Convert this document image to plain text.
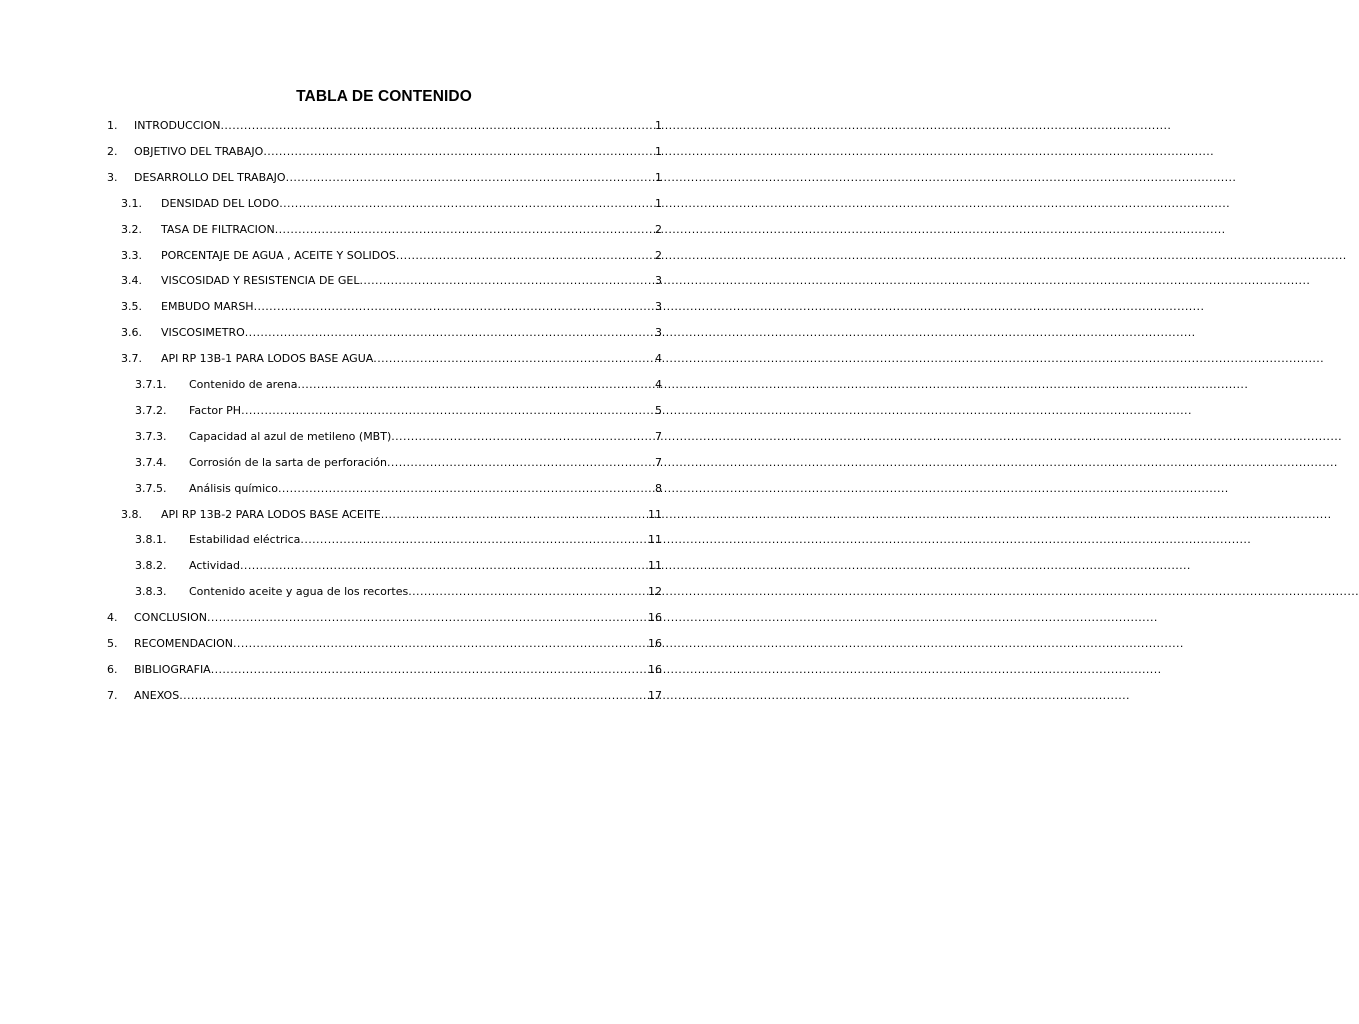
TABLA DE CONTENIDO
1.	INTRODUCCION .....	1
2.	OBJETIVO DEL TRABAJO .....	1
3.	DESARROLLO DEL TRABAJO .....	1
3.1.	DENSIDAD DEL LODO .....	1
3.2.	TASA DE FILTRACION .....	2
3.3.	PORCENTAJE DE AGUA , ACEITE Y SOLIDOS .....	2
3.4.	VISCOSIDAD Y RESISTENCIA DE GEL .....	3
3.5.	EMBUDO MARSH .....	3
3.6.	VISCOSIMETRO .....	3
3.7.	API RP 13B-1 PARA LODOS BASE AGUA .....	4
3.7.1.	Contenido de arena .....	4
3.7.2.	Factor PH .....	5
3.7.3.	Capacidad al azul de metileno (MBT) .....	7
3.7.4.	Corrosión de la sarta de perforación .....	7
3.7.5.	Análisis químico .....	8
3.8.	API RP 13B-2 PARA LODOS BASE ACEITE .....	11
3.8.1.	Estabilidad eléctrica .....	11
3.8.2.	Actividad .....	11
3.8.3.	Contenido aceite y agua de los recortes .....	12
4.	CONCLUSION .....	16
5.	RECOMENDACION .....	16
6.	BIBLIOGRAFIA .....	16
7.	ANEXOS .....	17
